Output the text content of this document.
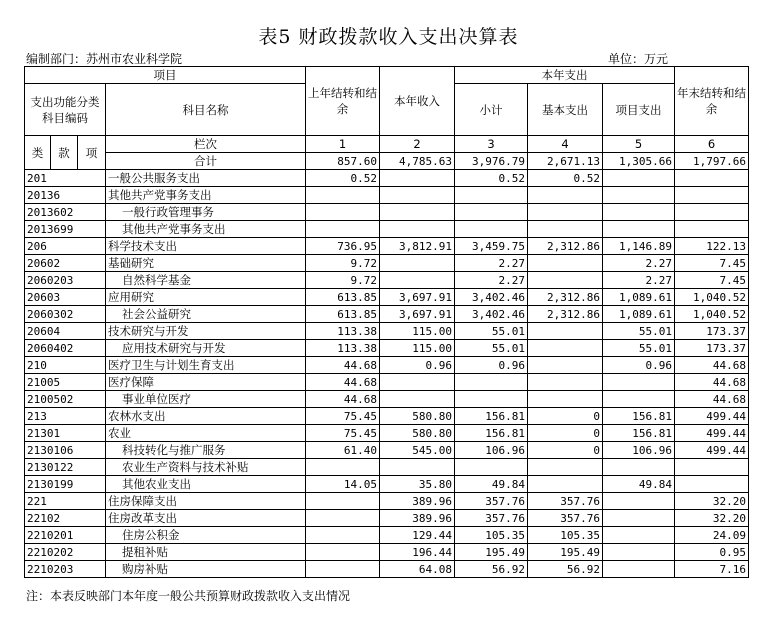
表5 财政拨款收入支出决算表
编制部门：苏州市农业科学院	单位：万元
项目				上年结转和结余	本年收入	本年支出			年末结转和结余
支出功能分类科目编码			科目名称			小计	基本支出	项目支出	

类	款	项	栏次	1	2	3	4	5	6
			合计	857.60	4,785.63	3,976.79	2,671.13	1,305.66	1,797.66
201			一般公共服务支出	0.52		0.52	0.52		
20136			其他共产党事务支出						
2013602			一般行政管理事务						
2013699			其他共产党事务支出						
206			科学技术支出	736.95	3,812.91	3,459.75	2,312.86	1,146.89	122.13
20602			基础研究	9.72		2.27		2.27	7.45
2060203			自然科学基金	9.72		2.27		2.27	7.45
20603			应用研究	613.85	3,697.91	3,402.46	2,312.86	1,089.61	1,040.52
2060302			社会公益研究	613.85	3,697.91	3,402.46	2,312.86	1,089.61	1,040.52
20604			技术研究与开发	113.38	115.00	55.01		55.01	173.37
2060402			应用技术研究与开发	113.38	115.00	55.01		55.01	173.37
210			医疗卫生与计划生育支出	44.68	0.96	0.96		0.96	44.68
21005			医疗保障	44.68					44.68
2100502			事业单位医疗	44.68					44.68
213			农林水支出	75.45	580.80	156.81	0	156.81	499.44
21301			农业	75.45	580.80	156.81	0	156.81	499.44
2130106			科技转化与推广服务	61.40	545.00	106.96	0	106.96	499.44
2130122			农业生产资料与技术补贴						
2130199			其他农业支出	14.05	35.80	49.84		49.84	
221			住房保障支出		389.96	357.76	357.76		32.20
22102			住房改革支出		389.96	357.76	357.76		32.20
2210201			住房公积金		129.44	105.35	105.35		24.09
2210202			提租补贴		196.44	195.49	195.49		0.95
2210203			购房补贴		64.08	56.92	56.92		7.16
注：本表反映部门本年度一般公共预算财政拨款收入支出情况
